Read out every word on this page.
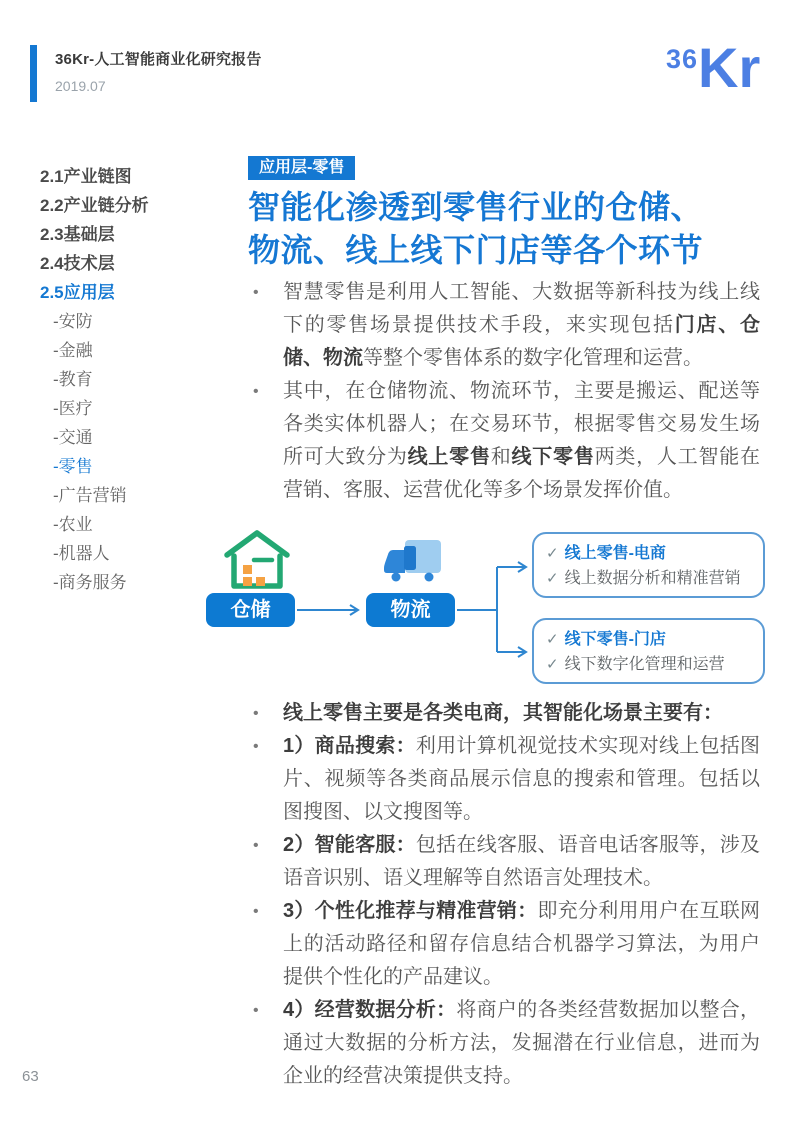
36Kr-人工智能商业化研究报告
2019.07
36 Kr
2.1产业链图
2.2产业链分析
2.3基础层
2.4技术层
2.5应用层
-安防
-金融
-教育
-医疗
-交通
-零售
-广告营销
-农业
-机器人
-商务服务
应用层-零售
智能化渗透到零售行业的仓储、
物流、线上线下门店等各个环节
• 智慧零售是利用人工智能、大数据等新科技为线上线下的零售场景提供技术手段，来实现包括门店、仓储、物流等整个零售体系的数字化管理和运营。
• 其中，在仓储物流、物流环节，主要是搬运、配送等各类实体机器人；在交易环节，根据零售交易发生场所可大致分为线上零售和线下零售两类，人工智能在营销、客服、运营优化等多个场景发挥价值。
仓储	物流
✓ 线上零售-电商
✓ 线上数据分析和精准营销
✓ 线下零售-门店
✓ 线下数字化管理和运营
• 线上零售主要是各类电商，其智能化场景主要有：
• 1）商品搜索：利用计算机视觉技术实现对线上包括图片、视频等各类商品展示信息的搜索和管理。包括以图搜图、以文搜图等。
• 2）智能客服：包括在线客服、语音电话客服等，涉及语音识别、语义理解等自然语言处理技术。
• 3）个性化推荐与精准营销：即充分利用用户在互联网上的活动路径和留存信息结合机器学习算法，为用户提供个性化的产品建议。
• 4）经营数据分析：将商户的各类经营数据加以整合，通过大数据的分析方法，发掘潜在行业信息，进而为企业的经营决策提供支持。
63
